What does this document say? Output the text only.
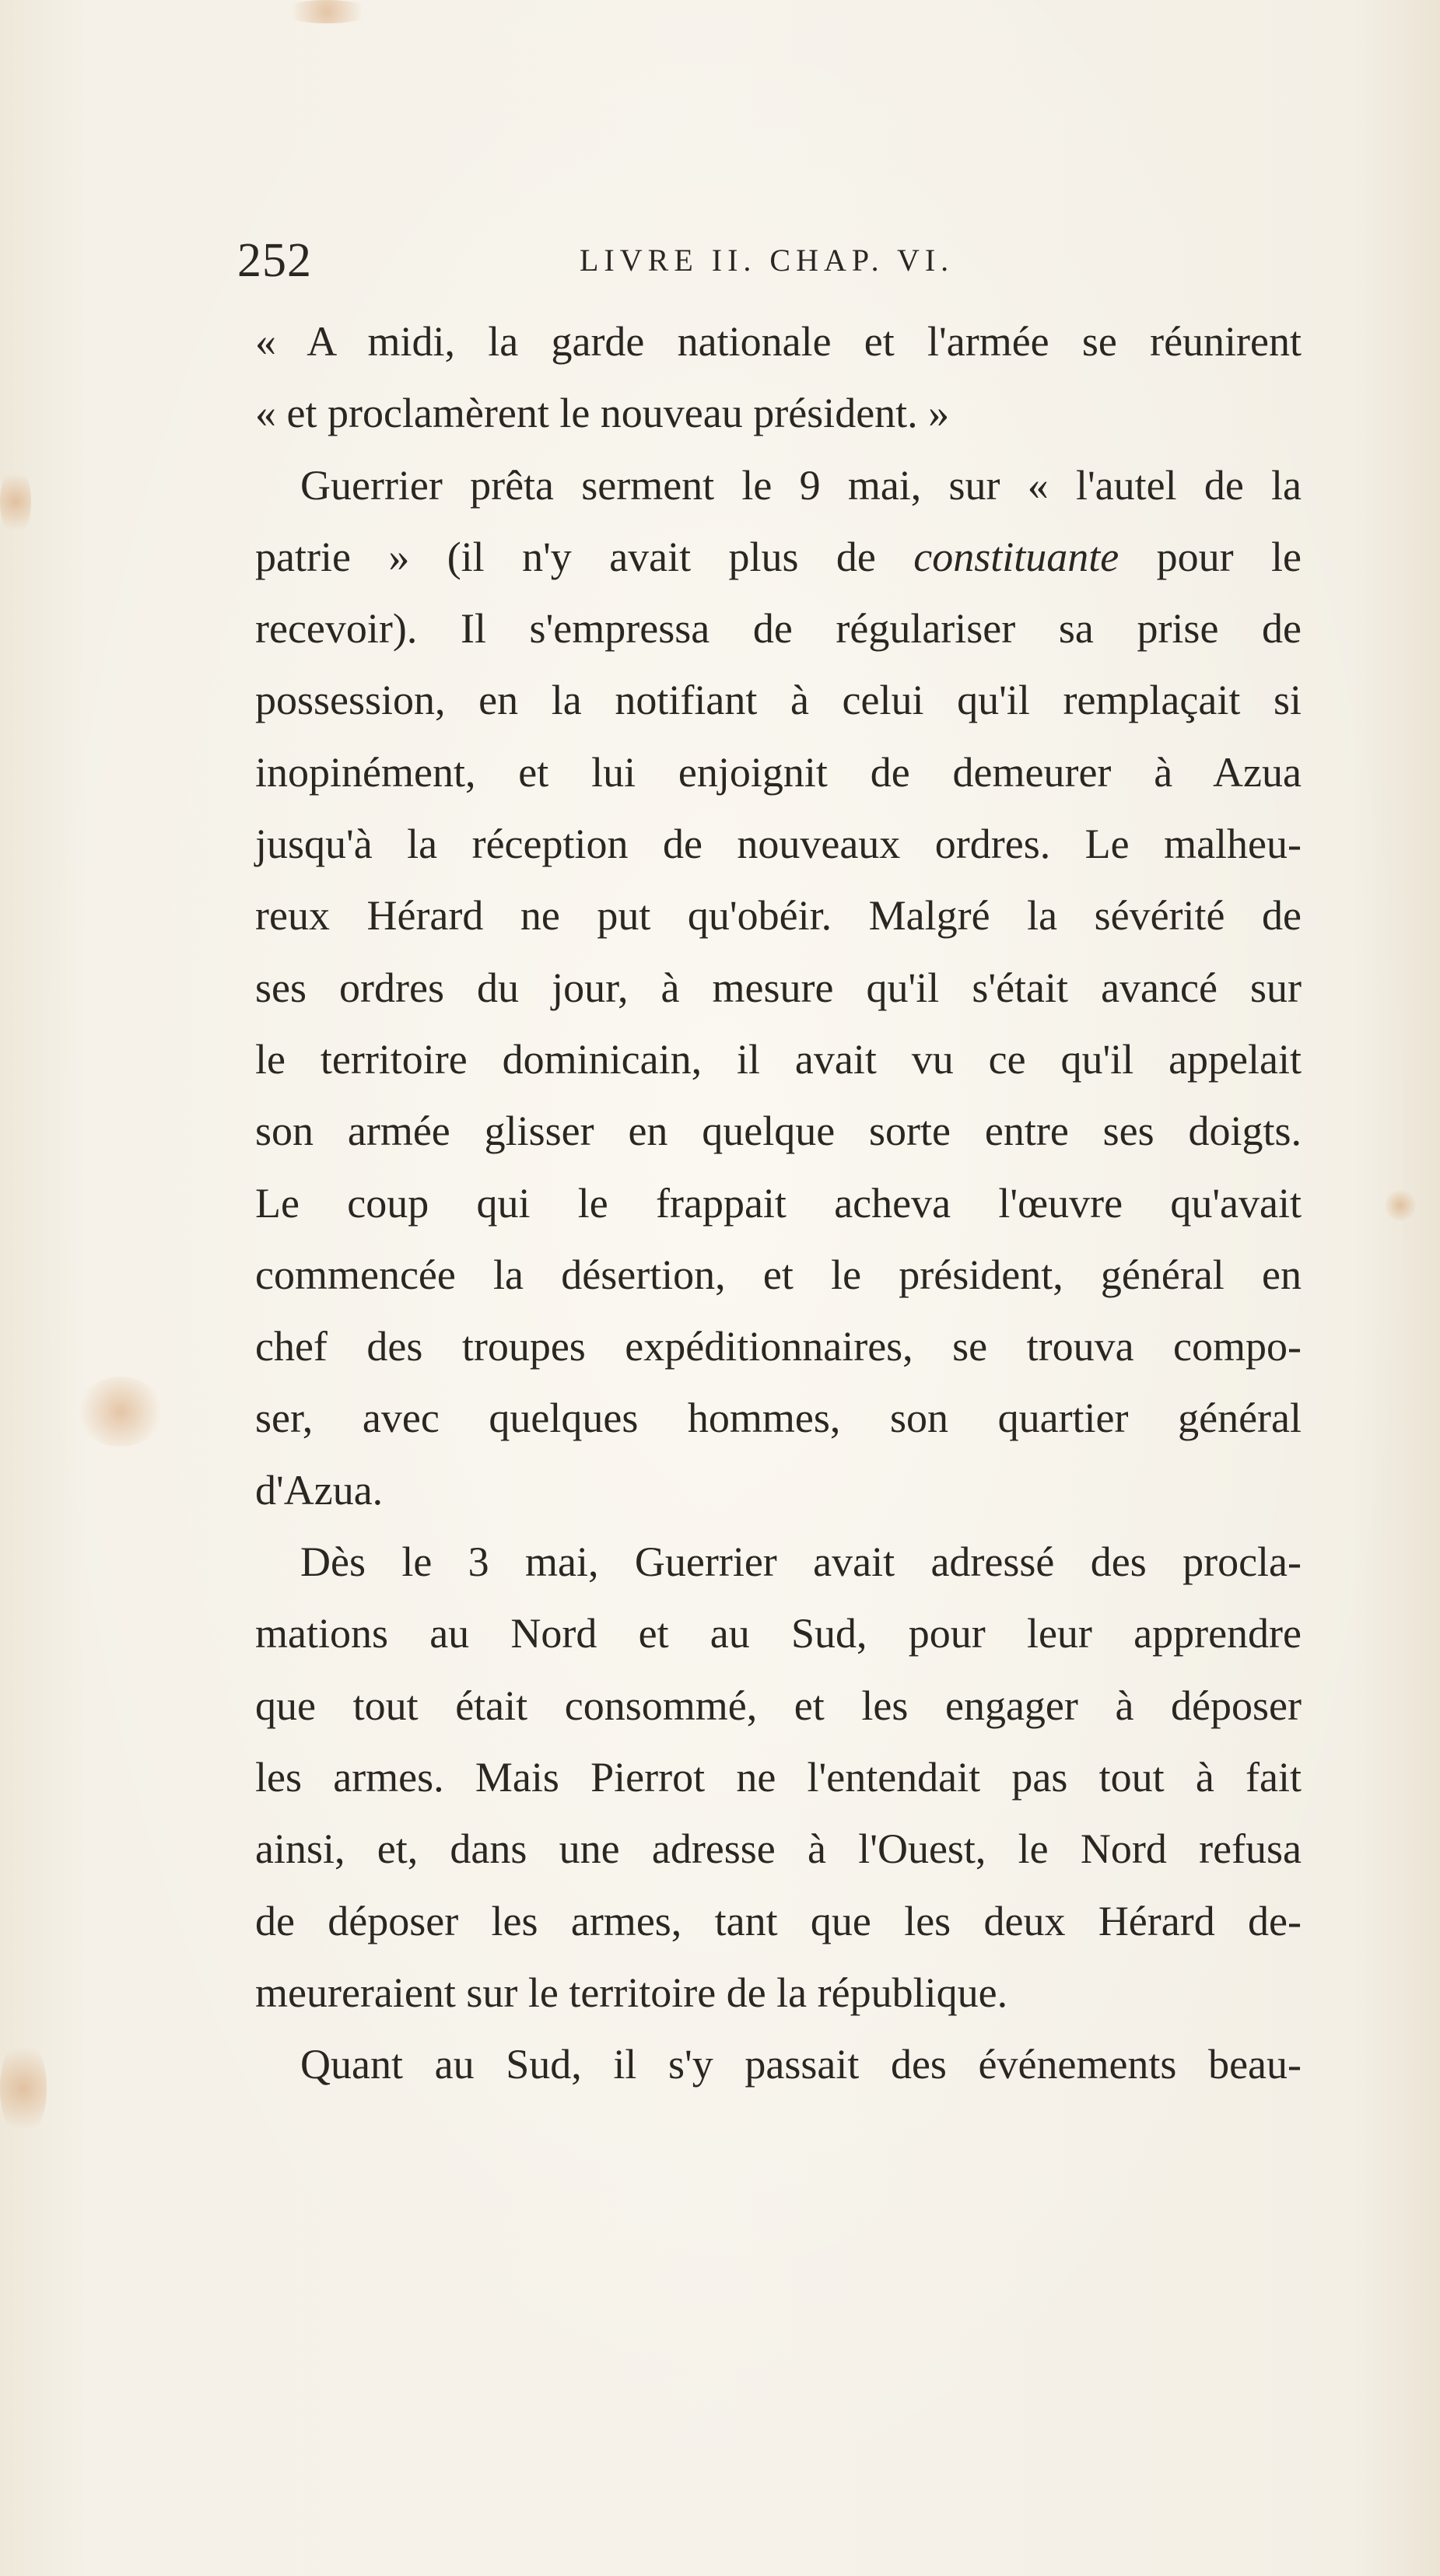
252	LIVRE II. CHAP. VI.
« A midi, la garde nationale et l'armée se réunirent
« et proclamèrent le nouveau président. »
Guerrier prêta serment le 9 mai, sur « l'autel de la
patrie » (il n'y avait plus de constituante pour le
recevoir). Il s'empressa de régulariser sa prise de
possession, en la notifiant à celui qu'il remplaçait si
inopinément, et lui enjoignit de demeurer à Azua
jusqu'à la réception de nouveaux ordres. Le malheu-
reux Hérard ne put qu'obéir. Malgré la sévérité de
ses ordres du jour, à mesure qu'il s'était avancé sur
le territoire dominicain, il avait vu ce qu'il appelait
son armée glisser en quelque sorte entre ses doigts.
Le coup qui le frappait acheva l'œuvre qu'avait
commencée la désertion, et le président, général en
chef des troupes expéditionnaires, se trouva compo-
ser, avec quelques hommes, son quartier général
d'Azua.
Dès le 3 mai, Guerrier avait adressé des procla-
mations au Nord et au Sud, pour leur apprendre
que tout était consommé, et les engager à déposer
les armes. Mais Pierrot ne l'entendait pas tout à fait
ainsi, et, dans une adresse à l'Ouest, le Nord refusa
de déposer les armes, tant que les deux Hérard de-
meureraient sur le territoire de la république.
Quant au Sud, il s'y passait des événements beau-
